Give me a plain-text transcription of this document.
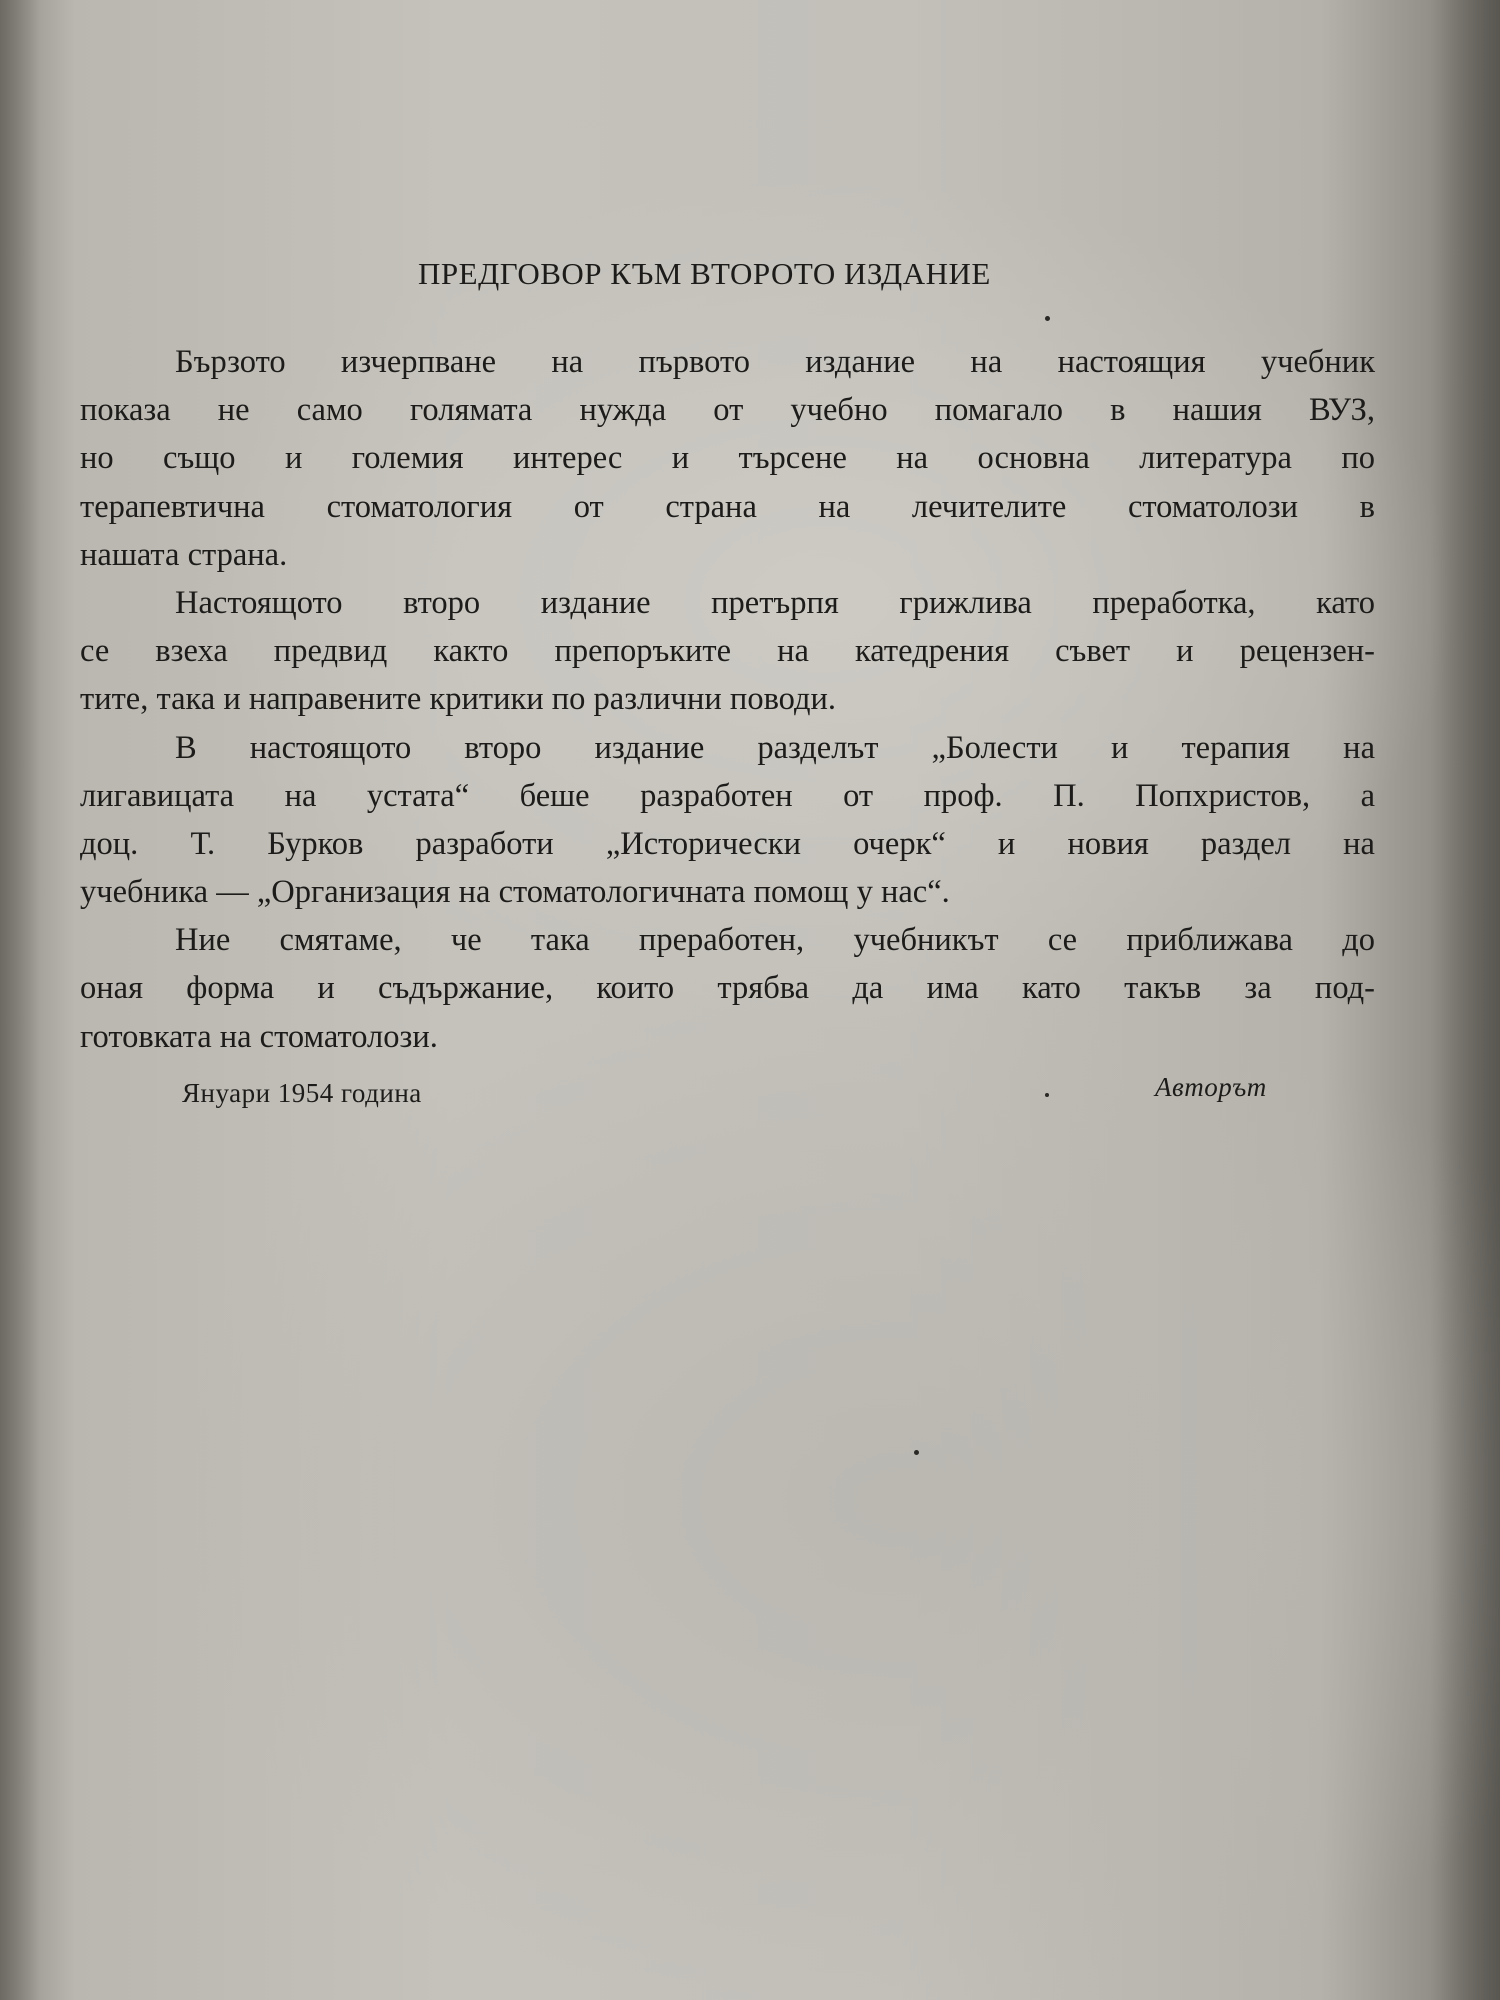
ПРЕДГОВОР КЪМ ВТОРОТО ИЗДАНИЕ
Бързото изчерпване на първото издание на настоящия учебник
показа не само голямата нужда от учебно помагало в нашия ВУЗ,
но също и големия интерес и търсене на основна литература по
терапевтична стоматология от страна на лечителите стоматолози в
нашата страна.
Настоящото второ издание претърпя грижлива преработка, като
се взеха предвид както препоръките на катедрения съвет и рецензен-
тите, така и направените критики по различни поводи.
В настоящото второ издание разделът „Болести и терапия на
лигавицата на устата“ беше разработен от проф. П. Попхристов, а
доц. Т. Бурков разработи „Исторически очерк“ и новия раздел на
учебника — „Организация на стоматологичната помощ у нас“.
Ние смятаме, че така преработен, учебникът се приближава до
оная форма и съдържание, които трябва да има като такъв за под-
готовката на стоматолози.
Януари 1954 година	Авторът
